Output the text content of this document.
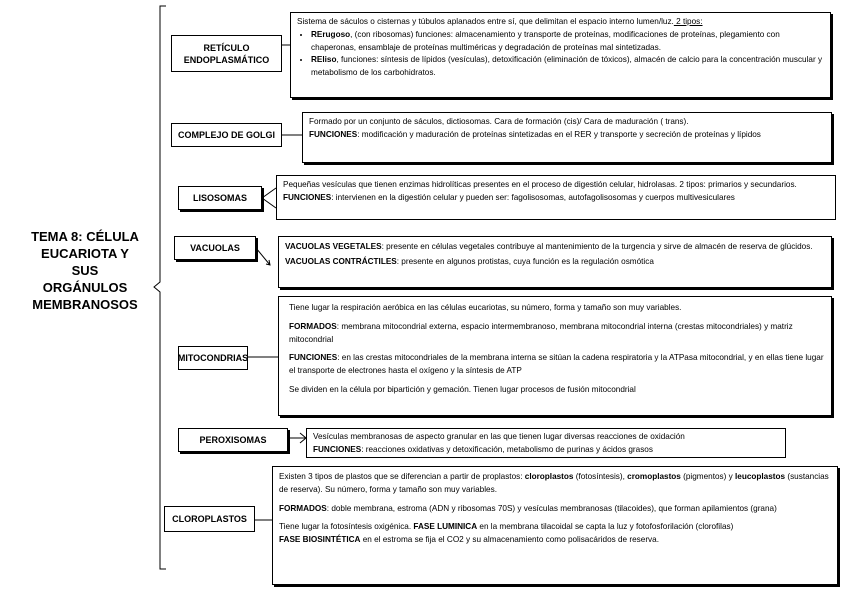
TEMA 8: CÉLULA
EUCARIOTA Y
SUS
ORGÁNULOS
MEMBRANOSOS
RETÍCULO
ENDOPLASMÁTICO

Sistema de sáculos o cisternas y túbulos aplanados entre sí, que delimitan el espacio interno lumen/luz. 2 tipos:

• RErugoso, (con ribosomas) funciones: almacenamiento y transporte de proteínas, modificaciones de proteínas, plegamiento con chaperonas, ensamblaje de proteínas multiméricas y degradación de proteínas mal sintetizadas.
• REliso, funciones: síntesis de lípidos (vesículas), detoxificación (eliminación de tóxicos), almacén de calcio para la concentración muscular y metabolismo de los carbohidratos.
COMPLEJO DE GOLGI

Formado por un conjunto de sáculos, dictiosomas. Cara de formación (cis)/ Cara de maduración ( trans).

FUNCIONES: modificación y maduración de proteínas sintetizadas en el RER y transporte y secreción de proteínas y lípidos

LISOSOMAS

Pequeñas vesículas que tienen enzimas hidrolíticas presentes en el proceso de digestión celular, hidrolasas. 2 tipos: primarios y secundarios.

FUNCIONES: intervienen en la digestión celular y pueden ser: fagolisosomas, autofagolisosomas y cuerpos multivesiculares

VACUOLAS	VACUOLAS VEGETALES: presente en células vegetales contribuye al mantenimiento de la turgencia y sirve de almacén de reserva de glúcidos.

VACUOLAS CONTRÁCTILES: presente en algunos protistas, cuya función es la regulación osmótica

MITOCONDRIAS

Tiene lugar la respiración aeróbica en las células eucariotas, su número, forma y tamaño son muy variables.

FORMADOS: membrana mitocondrial externa, espacio intermembranoso, membrana mitocondrial interna (crestas mitocondriales) y matriz mitocondrial

FUNCIONES: en las crestas mitocondriales de la membrana interna se sitúan la cadena respiratoria y la ATPasa mitocondrial, y en ellas tiene lugar el transporte de electrones hasta el oxígeno y la síntesis de ATP

Se dividen en la célula por bipartición y gemación. Tienen lugar procesos de fusión mitocondrial

PEROXISOMAS	Vesículas membranosas de aspecto granular en las que tienen lugar diversas reacciones de oxidación

FUNCIONES: reacciones oxidativas y detoxificación, metabolismo de purinas y ácidos grasos

CLOROPLASTOS

Existen 3 tipos de plastos que se diferencian a partir de proplastos: cloroplastos (fotosíntesis), cromoplastos (pigmentos) y leucoplastos (sustancias de reserva). Su número, forma y tamaño son muy variables.

FORMADOS: doble membrana, estroma (ADN y ribosomas 70S) y vesículas membranosas (tilacoides), que forman apilamientos (grana)

Tiene lugar la fotosíntesis oxigénica. FASE LUMINICA en la membrana tilacoidal se capta la luz y fotofosforilación (clorofilas)

FASE BIOSINTÉTICA en el estroma se fija el CO2 y su almacenamiento como polisacáridos de reserva.
